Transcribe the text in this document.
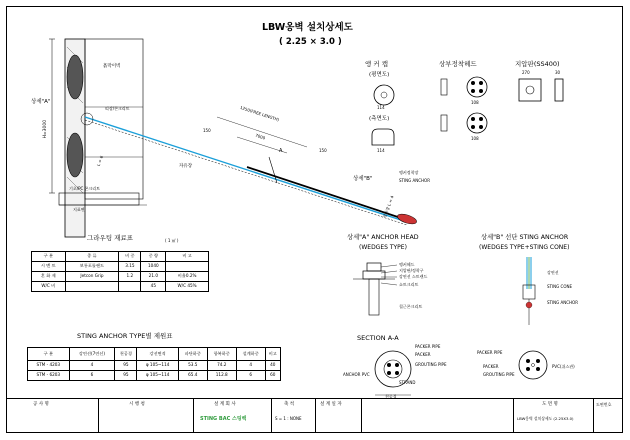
LBW옹벽 설치상세도
( 2.25 × 3.0 )
흙막이벽
H=3000
상세"A"
띠장/콘크리트
기초/PC 콘크리트
L = 6
지표면
1250(FREE LENGTH)
7000
150
150
A
자유장
상세"B"
앵커정착장
STING ANCHOR
정착장 L = 4
앵 커 캡
(평면도)
114
(측면도)
114
상부정착헤드
108
108
지압판(SS400)
270	30
그라우팅 재료표	( 1 ㎥ )
구 분	종 류	비 중	중 량	비 고
시 멘 트	보통포틀랜드	3.15	1040	
혼 화 제	Jetcon Grip	1.2	21.0	비율0.2%
W/C 비			45	W/C 45%
STING ANCHOR TYPE별 제원표
구 분	강연선(7연선)	천공경	강선면적	파단하중	항복하중	설계하중	비고
STM - 4203	4	95	φ 105~114	53.5	74.2	4	40
STM - 6203	6	95	φ 105~114	65.4	112.8	6	60
상세"A" ANCHOR HEAD
(WEDGES TYPE)
앵커헤드
지압판/정착구
강연선 스트랜드
쇼트크리트
철근콘크리트
상세"B" 선단 STING ANCHOR
(WEDGES TYPE+STING CONE)
강연선
STING CONE
STING ANCHOR
SECTION A-A
PACKER PIPE
PACKER
GROUTING PIPE
ANCHOR PVC
STRAND
천공경
PACKER PIPE
PACKER
GROUTING PIPE
PVC(쉬스관)
공 사 명	시 행 청	설 계 회 사
STING BAC 스팅백
축 척
S = 1 : NONE
설 계 일 자	도 면 명
LBW옹벽 설치상세도 (2.25X3.0)
도면번호
